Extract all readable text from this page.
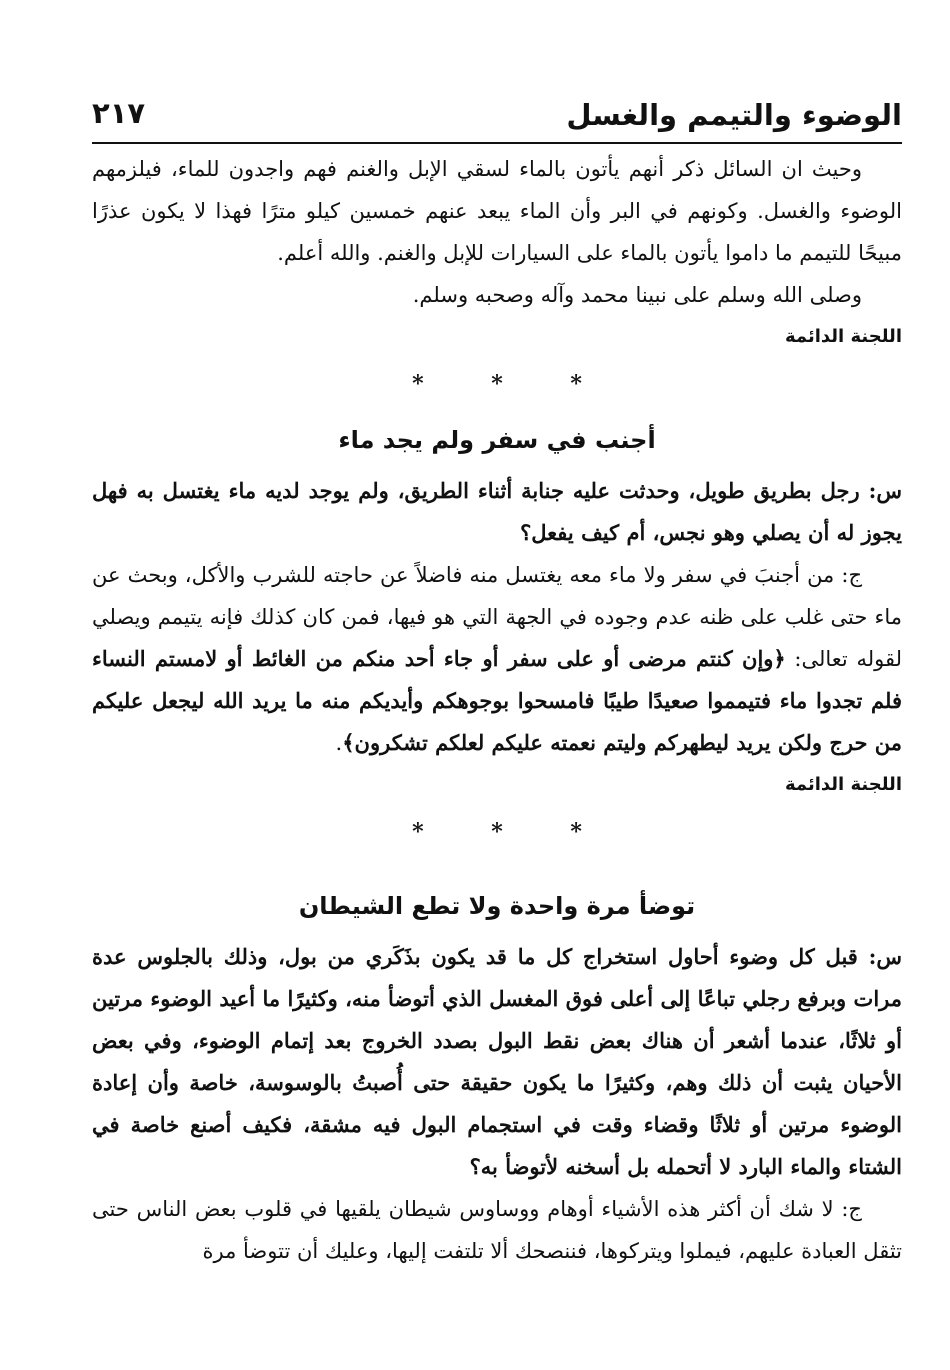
الوضوء والتيمم والغسل
٢١٧

وحيث ان السائل ذكر أنهم يأتون بالماء لسقي الإبل والغنم فهم واجدون للماء، فيلزمهم الوضوء والغسل. وكونهم في البر وأن الماء يبعد عنهم خمسين كيلو مترًا فهذا لا يكون عذرًا مبيحًا للتيمم ما داموا يأتون بالماء على السيارات للإبل والغنم. والله أعلم.

وصلى الله وسلم على نبينا محمد وآله وصحبه وسلم.

اللجنة الدائمة
* * *
أجنب في سفر ولم يجد ماء

س: رجل بطريق طويل، وحدثت عليه جنابة أثناء الطريق، ولم يوجد لديه ماء يغتسل به فهل يجوز له أن يصلي وهو نجس، أم كيف يفعل؟

ج: من أجنبَ في سفر ولا ماء معه يغتسل منه فاضلاً عن حاجته للشرب والأكل، وبحث عن ماء حتى غلب على ظنه عدم وجوده في الجهة التي هو فيها، فمن كان كذلك فإنه يتيمم ويصلي لقوله تعالى: ﴿وإن كنتم مرضى أو على سفر أو جاء أحد منكم من الغائط أو لامستم النساء فلم تجدوا ماء فتيمموا صعيدًا طيبًا فامسحوا بوجوهكم وأيديكم منه ما يريد الله ليجعل عليكم من حرج ولكن يريد ليطهركم وليتم نعمته عليكم لعلكم تشكرون﴾.

اللجنة الدائمة
* * *
توضأ مرة واحدة ولا تطع الشيطان

س: قبل كل وضوء أحاول استخراج كل ما قد يكون بذَكَري من بول، وذلك بالجلوس عدة مرات وبرفع رجلي تباعًا إلى أعلى فوق المغسل الذي أتوضأ منه، وكثيرًا ما أعيد الوضوء مرتين أو ثلاثًا، عندما أشعر أن هناك بعض نقط البول بصدد الخروج بعد إتمام الوضوء، وفي بعض الأحيان يثبت أن ذلك وهم، وكثيرًا ما يكون حقيقة حتى أُصبتُ بالوسوسة، خاصة وأن إعادة الوضوء مرتين أو ثلاثًا وقضاء وقت في استجمام البول فيه مشقة، فكيف أصنع خاصة في الشتاء والماء البارد لا أتحمله بل أسخنه لأتوضأ به؟

ج: لا شك أن أكثر هذه الأشياء أوهام ووساوس شيطان يلقيها في قلوب بعض الناس حتى تثقل العبادة عليهم، فيملوا ويتركوها، فننصحك ألا تلتفت إليها، وعليك أن تتوضأ مرة
